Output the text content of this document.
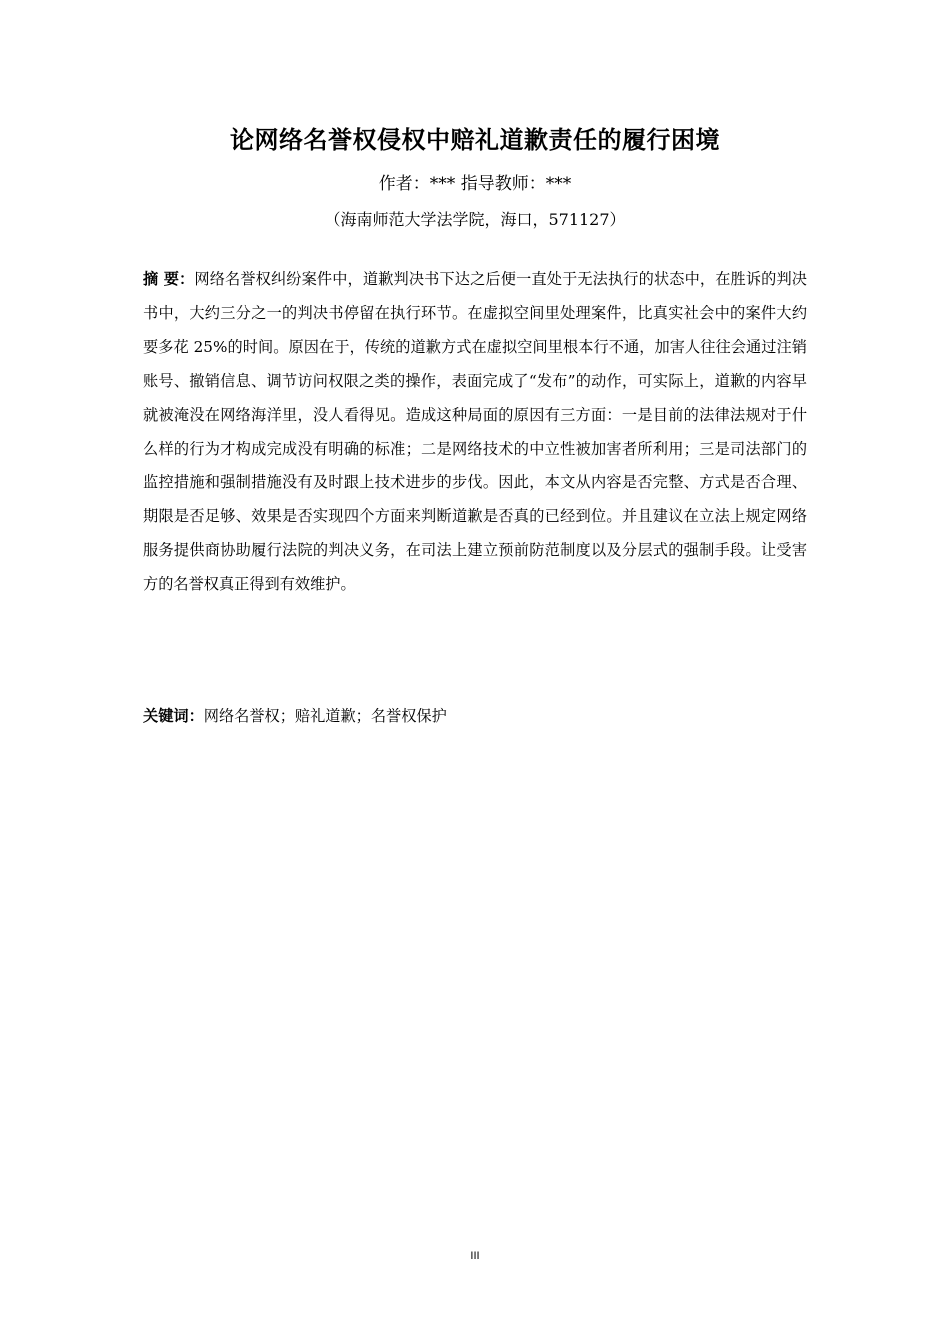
论网络名誉权侵权中赔礼道歉责任的履行困境
作者：*** 指导教师：***
（海南师范大学法学院，海口，571127）
摘 要：网络名誉权纠纷案件中，道歉判决书下达之后便一直处于无法执行的状态中，在胜诉的判决书中，大约三分之一的判决书停留在执行环节。在虚拟空间里处理案件，比真实社会中的案件大约要多花 25%的时间。原因在于，传统的道歉方式在虚拟空间里根本行不通，加害人往往会通过注销账号、撤销信息、调节访问权限之类的操作，表面完成了“发布”的动作，可实际上，道歉的内容早就被淹没在网络海洋里，没人看得见。造成这种局面的原因有三方面：一是目前的法律法规对于什么样的行为才构成完成没有明确的标准；二是网络技术的中立性被加害者所利用；三是司法部门的监控措施和强制措施没有及时跟上技术进步的步伐。因此，本文从内容是否完整、方式是否合理、期限是否足够、效果是否实现四个方面来判断道歉是否真的已经到位。并且建议在立法上规定网络服务提供商协助履行法院的判决义务，在司法上建立预前防范制度以及分层式的强制手段。让受害方的名誉权真正得到有效维护。
关键词：网络名誉权；赔礼道歉；名誉权保护
III
